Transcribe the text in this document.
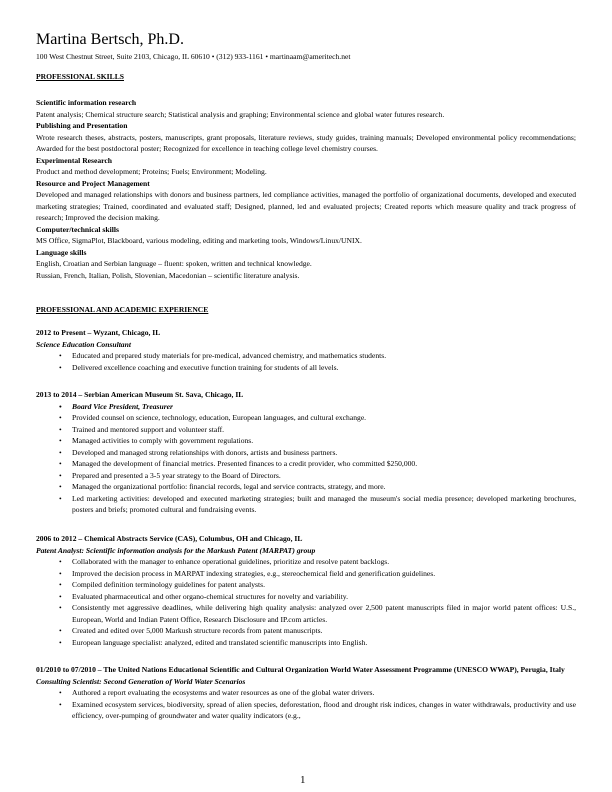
Martina Bertsch, Ph.D.
100 West Chestnut Street, Suite 2103, Chicago, IL 60610 • (312) 933-1161 • martinaam@ameritech.net
PROFESSIONAL SKILLS

Scientific information research

Patent analysis; Chemical structure search; Statistical analysis and graphing; Environmental science and global water futures research.

Publishing and Presentation

Wrote research theses, abstracts, posters, manuscripts, grant proposals, literature reviews, study guides, training manuals; Developed environmental policy recommendations; Awarded for the best postdoctoral poster; Recognized for excellence in teaching college level chemistry courses.

Experimental Research

Product and method development; Proteins; Fuels; Environment; Modeling.

Resource and Project Management

Developed and managed relationships with donors and business partners, led compliance activities, managed the portfolio of organizational documents, developed and executed marketing strategies; Trained, coordinated and evaluated staff; Designed, planned, led and evaluated projects; Created reports which measure quality and track progress of research; Improved the decision making.

Computer/technical skills

MS Office, SigmaPlot, Blackboard, various modeling, editing and marketing tools, Windows/Linux/UNIX.

Language skills

English, Croatian and Serbian language – fluent: spoken, written and technical knowledge.

Russian, French, Italian, Polish, Slovenian, Macedonian – scientific literature analysis.

PROFESSIONAL AND ACADEMIC EXPERIENCE

2012 to Present – Wyzant, Chicago, IL

Science Education Consultant

• Educated and prepared study materials for pre-medical, advanced chemistry, and mathematics students.
• Delivered excellence coaching and executive function training for students of all levels.

2013 to 2014 – Serbian American Museum St. Sava, Chicago, IL

• Board Vice President, Treasurer
• Provided counsel on science, technology, education, European languages, and cultural exchange.
• Trained and mentored support and volunteer staff.
• Managed activities to comply with government regulations.
• Developed and managed strong relationships with donors, artists and business partners.
• Managed the development of financial metrics. Presented finances to a credit provider, who committed $250,000.
• Prepared and presented a 3-5 year strategy to the Board of Directors.
• Managed the organizational portfolio: financial records, legal and service contracts, strategy, and more.
• Led marketing activities: developed and executed marketing strategies; built and managed the museum's social media presence; developed marketing brochures, posters and briefs; promoted cultural and fundraising events.

2006 to 2012 – Chemical Abstracts Service (CAS), Columbus, OH and Chicago, IL

Patent Analyst: Scientific information analysis for the Markush Patent (MARPAT) group

• Collaborated with the manager to enhance operational guidelines, prioritize and resolve patent backlogs.
• Improved the decision process in MARPAT indexing strategies, e.g., stereochemical field and generification guidelines.
• Compiled definition terminology guidelines for patent analysts.
• Evaluated pharmaceutical and other organo-chemical structures for novelty and variability.
• Consistently met aggressive deadlines, while delivering high quality analysis: analyzed over 2,500 patent manuscripts filed in major world patent offices: U.S., European, World and Indian Patent Office, Research Disclosure and IP.com articles.
• Created and edited over 5,000 Markush structure records from patent manuscripts.
• European language specialist: analyzed, edited and translated scientific manuscripts into English.

01/2010 to 07/2010 – The United Nations Educational Scientific and Cultural Organization World Water Assessment Programme (UNESCO WWAP), Perugia, Italy

Consulting Scientist: Second Generation of World Water Scenarios

• Authored a report evaluating the ecosystems and water resources as one of the global water drivers.
• Examined ecosystem services, biodiversity, spread of alien species, deforestation, flood and drought risk indices, changes in water withdrawals, productivity and use efficiency, over-pumping of groundwater and water quality indicators (e.g.,
1
